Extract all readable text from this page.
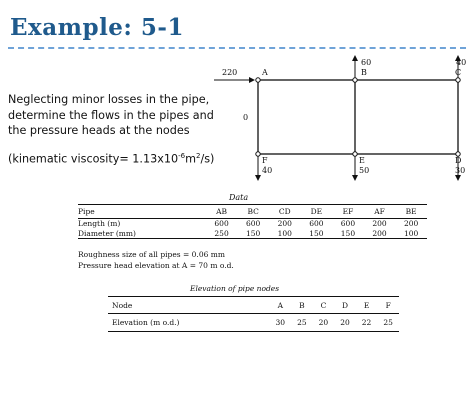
Example: 5-1
Neglecting minor losses in the pipe, determine the flows in the pipes and the pressure heads at the nodes
(kinematic viscosity= $1.13x10^{-6}m^2/s$)
220	A
60
B
40
C
F
40
E
50
D
30
0
Data
Pipe	AB	BC	CD	DE	EF	AF	BE
Length (m)	600	600	200	600	600	200	200
Diameter (mm)	250	150	100	150	150	200	100
Roughness size of all pipes = 0.06 mm
Pressure head elevation at A = 70 m o.d.
Elevation of pipe nodes
Node	A	B	C	D	E	F
Elevation (m o.d.)	30	25	20	20	22	25
